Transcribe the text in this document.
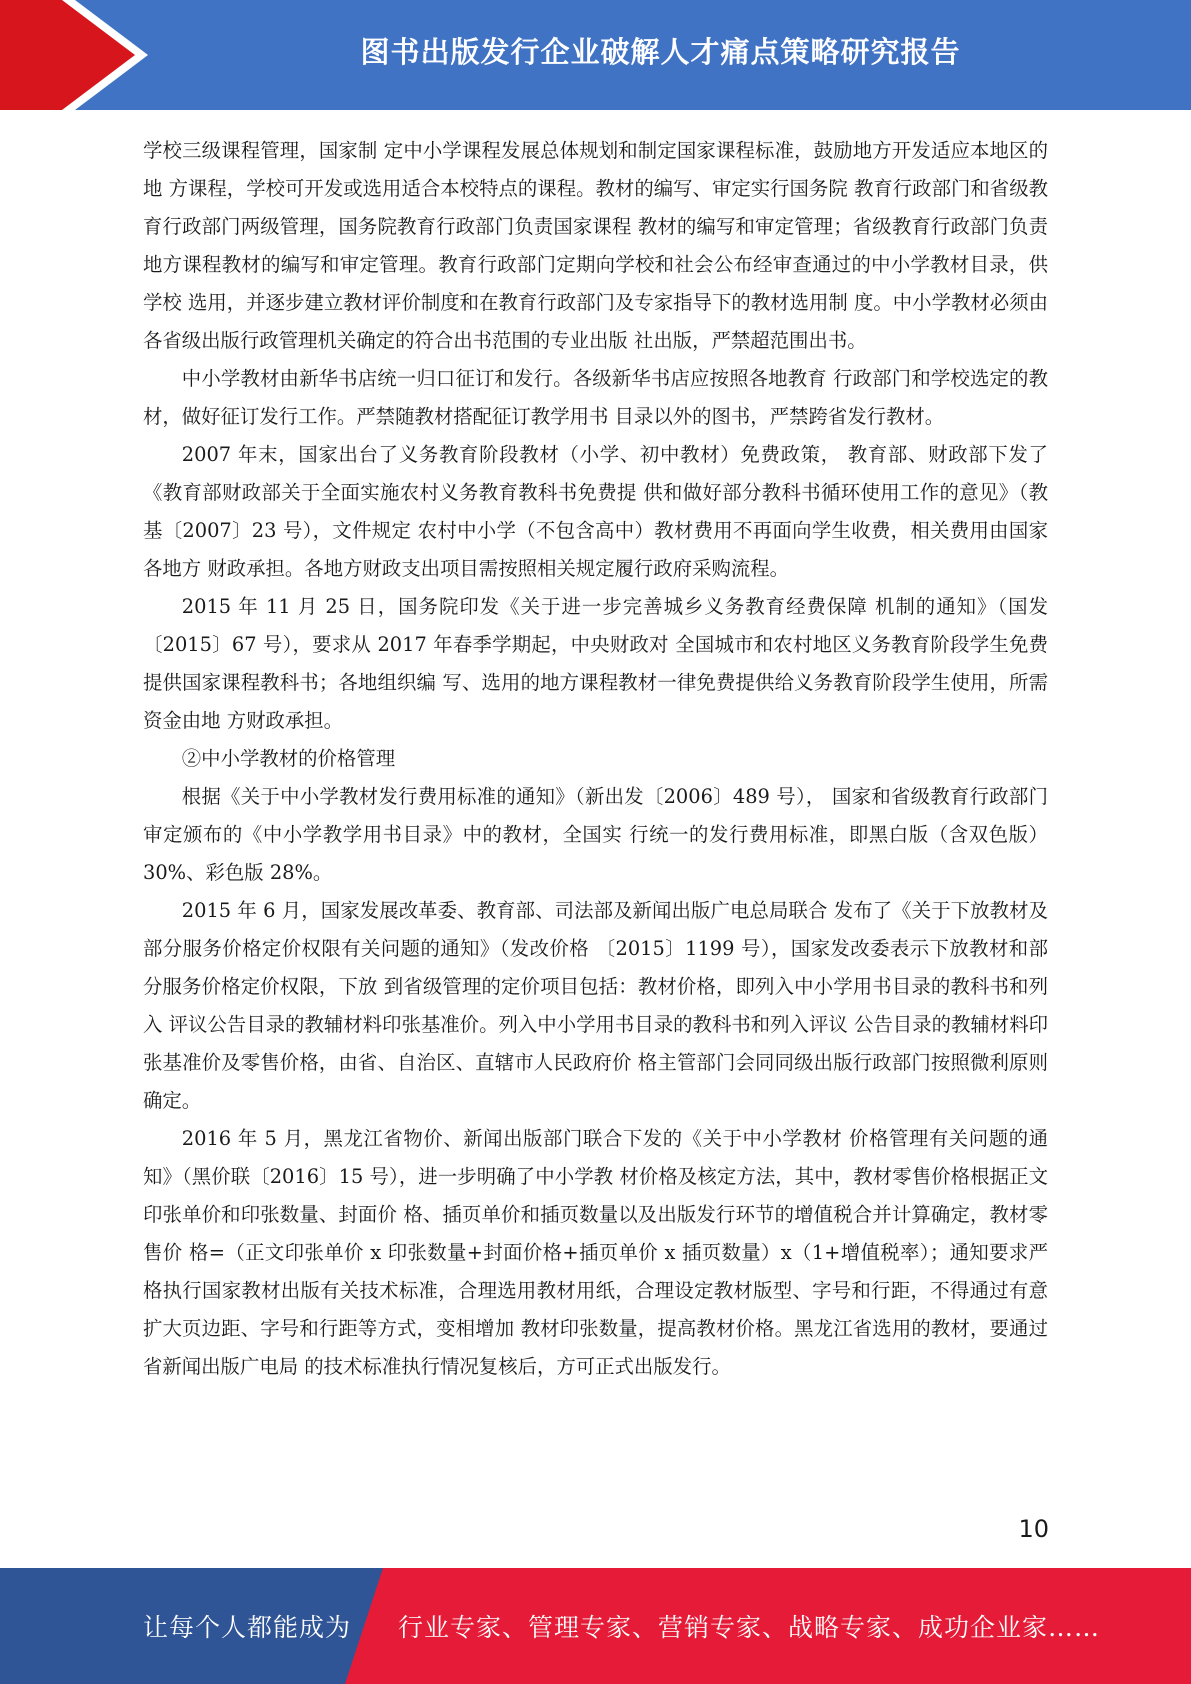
图书出版发行企业破解人才痛点策略研究报告

学校三级课程管理，国家制 定中小学课程发展总体规划和制定国家课程标准，鼓励地方开发适应本地区的地 方课程，学校可开发或选用适合本校特点的课程。教材的编写、审定实行国务院 教育行政部门和省级教育行政部门两级管理，国务院教育行政部门负责国家课程 教材的编写和审定管理；省级教育行政部门负责地方课程教材的编写和审定管理。教育行政部门定期向学校和社会公布经审查通过的中小学教材目录，供学校 选用，并逐步建立教材评价制度和在教育行政部门及专家指导下的教材选用制 度。中小学教材必须由各省级出版行政管理机关确定的符合出书范围的专业出版 社出版，严禁超范围出书。

中小学教材由新华书店统一归口征订和发行。各级新华书店应按照各地教育 行政部门和学校选定的教材，做好征订发行工作。严禁随教材搭配征订教学用书 目录以外的图书，严禁跨省发行教材。

2007 年末，国家出台了义务教育阶段教材（小学、初中教材）免费政策， 教育部、财政部下发了《教育部财政部关于全面实施农村义务教育教科书免费提 供和做好部分教科书循环使用工作的意见》（教基〔2007〕23 号），文件规定 农村中小学（不包含高中）教材费用不再面向学生收费，相关费用由国家各地方 财政承担。各地方财政支出项目需按照相关规定履行政府采购流程。

2015 年 11 月 25 日，国务院印发《关于进一步完善城乡义务教育经费保障 机制的通知》（国发〔2015〕67 号），要求从 2017 年春季学期起，中央财政对 全国城市和农村地区义务教育阶段学生免费提供国家课程教科书；各地组织编 写、选用的地方课程教材一律免费提供给义务教育阶段学生使用，所需资金由地 方财政承担。

②中小学教材的价格管理

根据《关于中小学教材发行费用标准的通知》（新出发〔2006〕489 号）， 国家和省级教育行政部门审定颁布的《中小学教学用书目录》中的教材，全国实 行统一的发行费用标准，即黑白版（含双色版）30%、彩色版 28%。

2015 年 6 月，国家发展改革委、教育部、司法部及新闻出版广电总局联合 发布了《关于下放教材及部分服务价格定价权限有关问题的通知》（发改价格 〔2015〕1199 号），国家发改委表示下放教材和部分服务价格定价权限，下放 到省级管理的定价项目包括：教材价格，即列入中小学用书目录的教科书和列入 评议公告目录的教辅材料印张基准价。列入中小学用书目录的教科书和列入评议 公告目录的教辅材料印张基准价及零售价格，由省、自治区、直辖市人民政府价 格主管部门会同同级出版行政部门按照微利原则确定。

2016 年 5 月，黑龙江省物价、新闻出版部门联合下发的《关于中小学教材 价格管理有关问题的通知》（黑价联〔2016〕15 号），进一步明确了中小学教 材价格及核定方法，其中，教材零售价格根据正文印张单价和印张数量、封面价 格、插页单价和插页数量以及出版发行环节的增值税合并计算确定，教材零售价 格=（正文印张单价 x 印张数量+封面价格+插页单价 x 插页数量）x（1+增值税率）；通知要求严格执行国家教材出版有关技术标准，合理选用教材用纸，合理设定教材版型、字号和行距，不得通过有意扩大页边距、字号和行距等方式，变相增加 教材印张数量，提高教材价格。黑龙江省选用的教材，要通过省新闻出版广电局 的技术标准执行情况复核后，方可正式出版发行。

10
让每个人都能成为 行业专家、管理专家、营销专家、战略专家、成功企业家……
